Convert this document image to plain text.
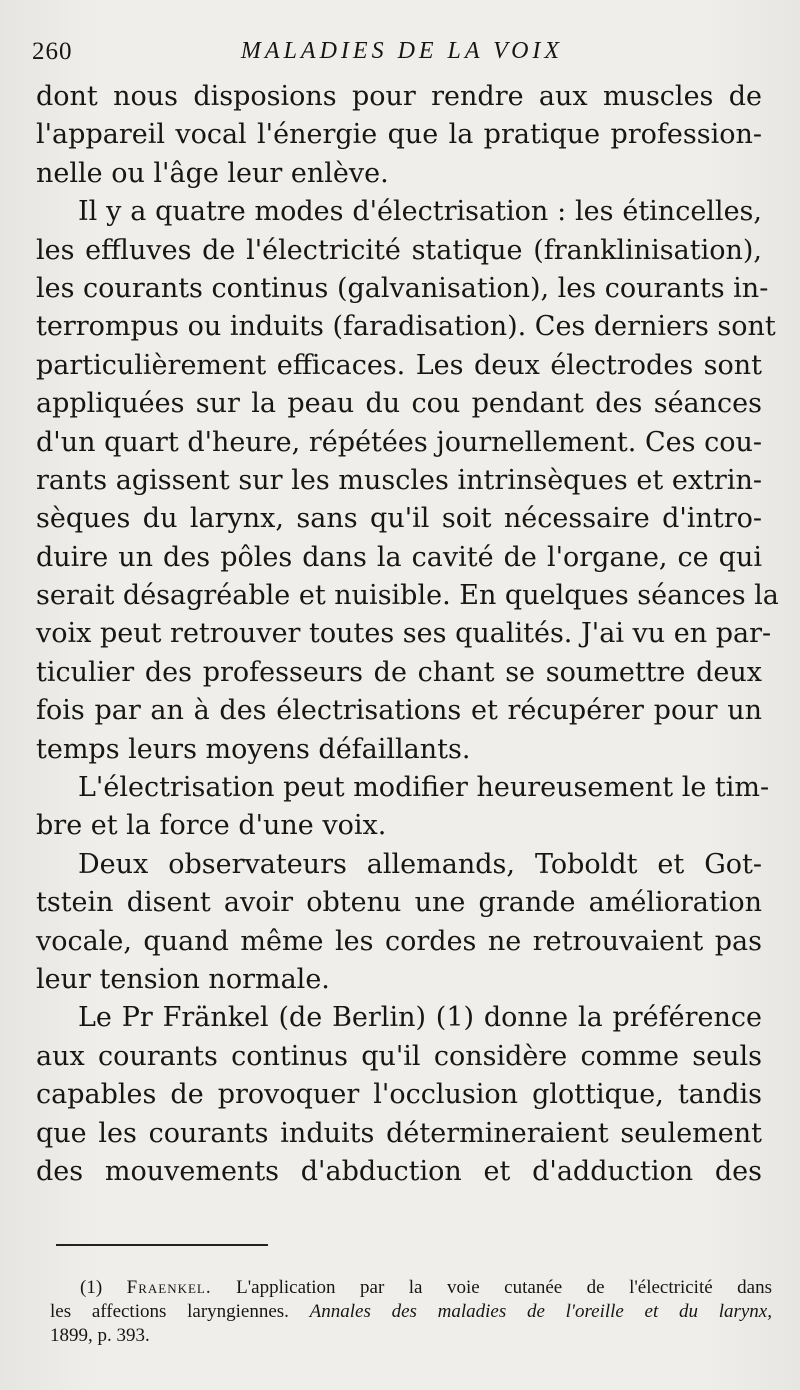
260	MALADIES DE LA VOIX
dont nous disposions pour rendre aux muscles de
l'appareil vocal l'énergie que la pratique profession-
nelle ou l'âge leur enlève.
Il y a quatre modes d'électrisation : les étincelles,
les effluves de l'électricité statique (franklinisation),
les courants continus (galvanisation), les courants in-
terrompus ou induits (faradisation). Ces derniers sont
particulièrement efficaces. Les deux électrodes sont
appliquées sur la peau du cou pendant des séances
d'un quart d'heure, répétées journellement. Ces cou-
rants agissent sur les muscles intrinsèques et extrin-
sèques du larynx, sans qu'il soit nécessaire d'intro-
duire un des pôles dans la cavité de l'organe, ce qui
serait désagréable et nuisible. En quelques séances la
voix peut retrouver toutes ses qualités. J'ai vu en par-
ticulier des professeurs de chant se soumettre deux
fois par an à des électrisations et récupérer pour un
temps leurs moyens défaillants.
L'électrisation peut modifier heureusement le tim-
bre et la force d'une voix.
Deux observateurs allemands, Toboldt et Got-
tstein disent avoir obtenu une grande amélioration
vocale, quand même les cordes ne retrouvaient pas
leur tension normale.
Le Pr Fränkel (de Berlin) (1) donne la préférence
aux courants continus qu'il considère comme seuls
capables de provoquer l'occlusion glottique, tandis
que les courants induits détermineraient seulement
des mouvements d'abduction et d'adduction des
(1) Fraenkel. L'application par la voie cutanée de l'électricité dans
les affections laryngiennes. Annales des maladies de l'oreille et du larynx,
1899, p. 393.
